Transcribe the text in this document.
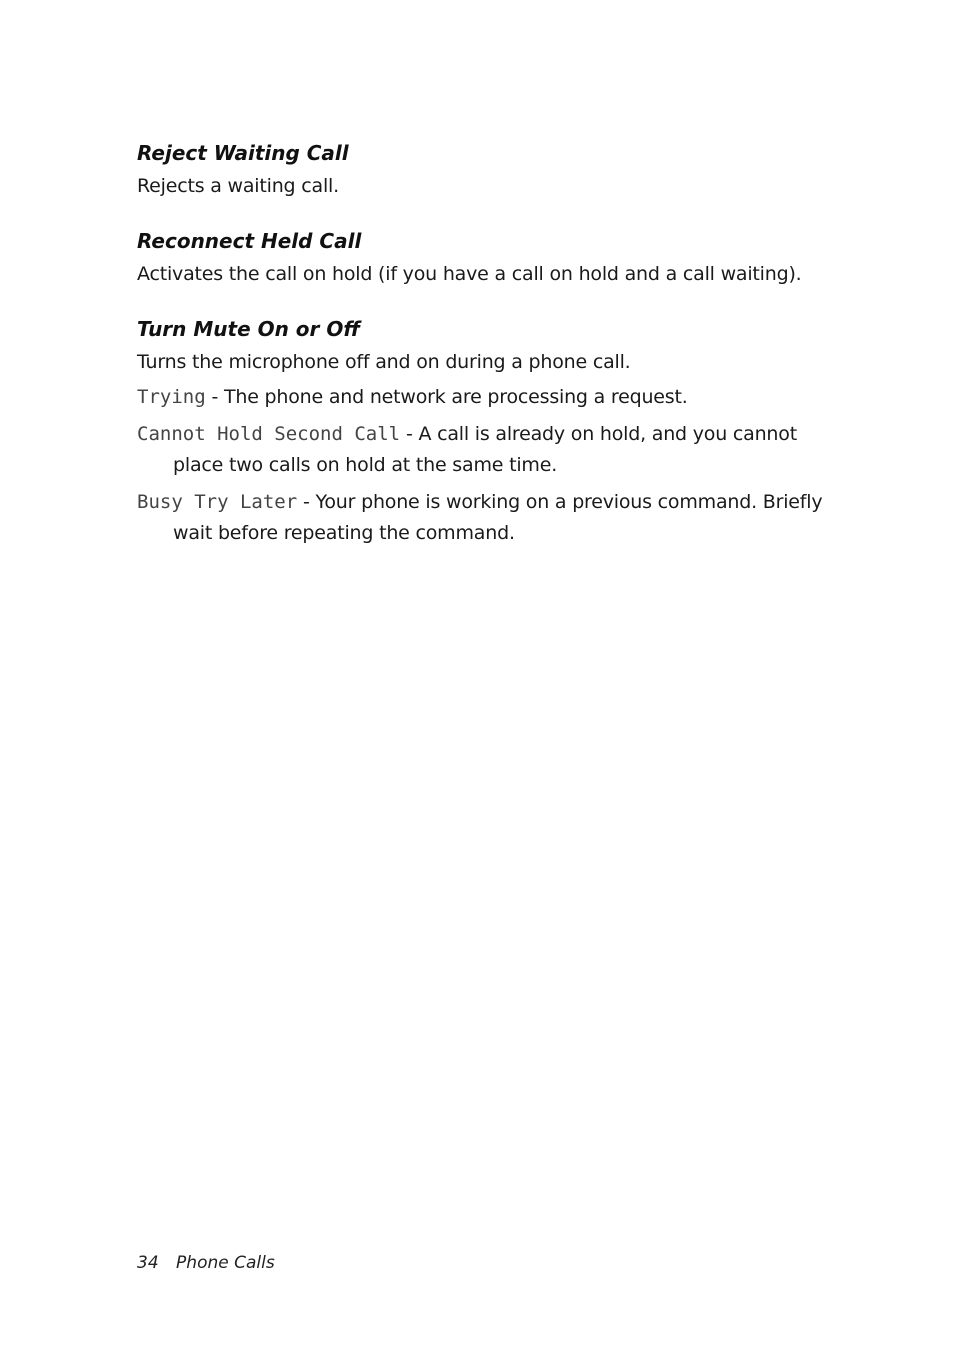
Reject Waiting Call

Rejects a waiting call.

Reconnect Held Call

Activates the call on hold (if you have a call on hold and a call waiting).

Turn Mute On or Off

Turns the microphone off and on during a phone call.

Trying - The phone and network are processing a request.

Cannot Hold Second Call - A call is already on hold, and you cannot place two calls on hold at the same time.

Busy Try Later - Your phone is working on a previous command. Briefly wait before repeating the command.

34 Phone Calls
